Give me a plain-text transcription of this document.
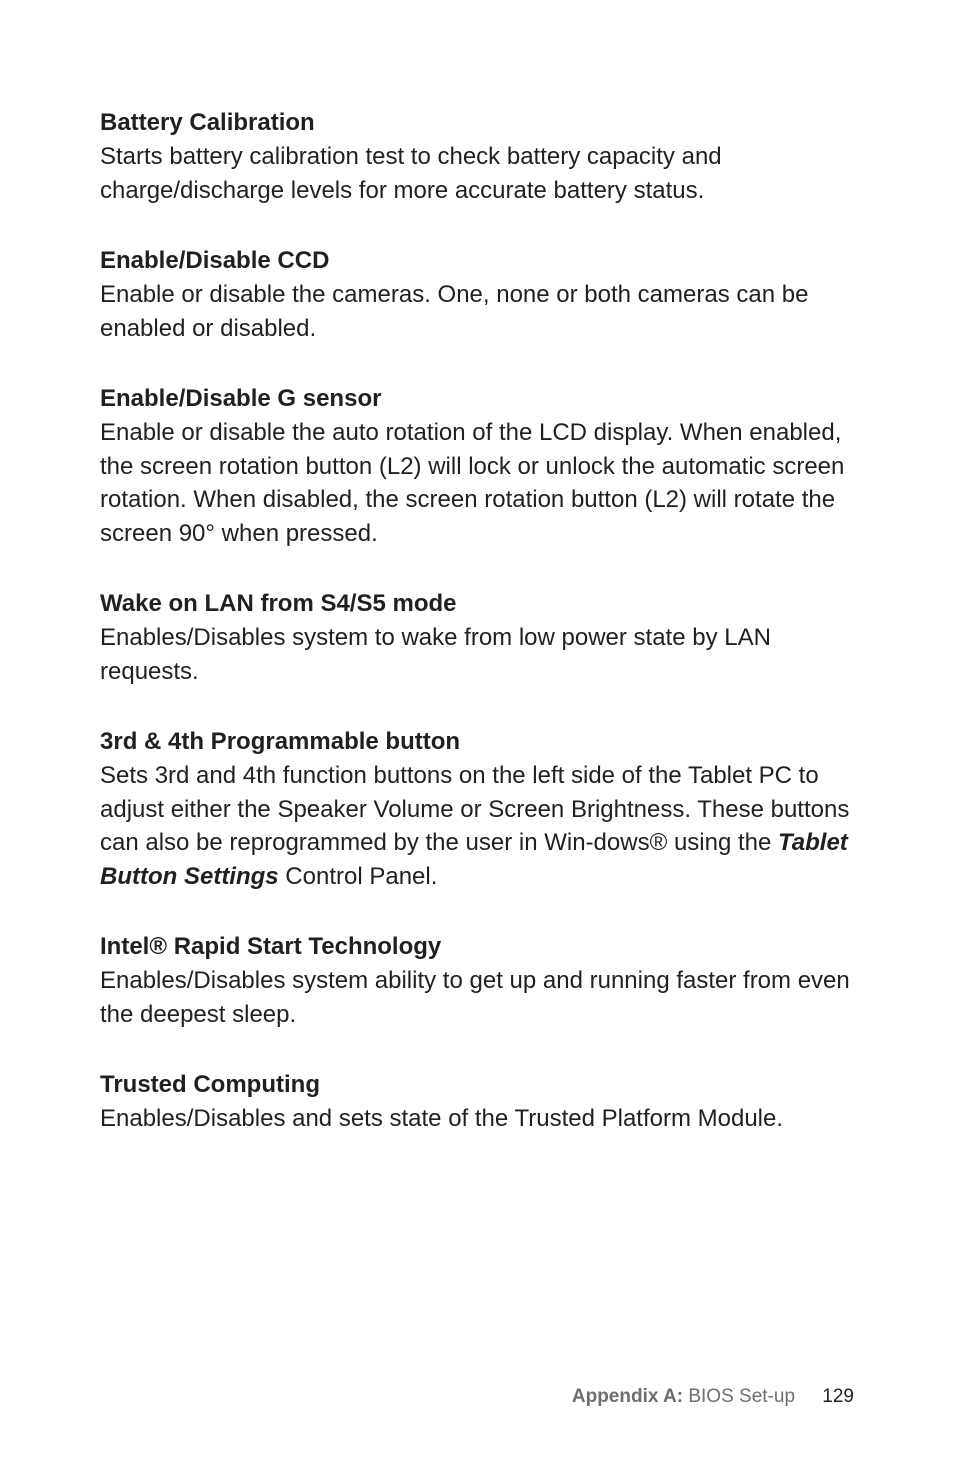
Battery Calibration

Starts battery calibration test to check battery capacity and charge/discharge levels for more accurate battery status.

Enable/Disable CCD

Enable or disable the cameras. One, none or both cameras can be enabled or disabled.

Enable/Disable G sensor

Enable or disable the auto rotation of the LCD display. When enabled, the screen rotation button (L2) will lock or unlock the automatic screen rotation. When disabled, the screen rotation button (L2) will rotate the screen 90° when pressed.

Wake on LAN from S4/S5 mode

Enables/Disables system to wake from low power state by LAN requests.

3rd & 4th Programmable button

Sets 3rd and 4th function buttons on the left side of the Tablet PC to adjust either the Speaker Volume or Screen Brightness. These buttons can also be reprogrammed by the user in Win-dows® using the Tablet Button Settings Control Panel.

Intel® Rapid Start Technology

Enables/Disables system ability to get up and running faster from even the deepest sleep.

Trusted Computing

Enables/Disables and sets state of the Trusted Platform Module.

Appendix A: BIOS Set-up 129
